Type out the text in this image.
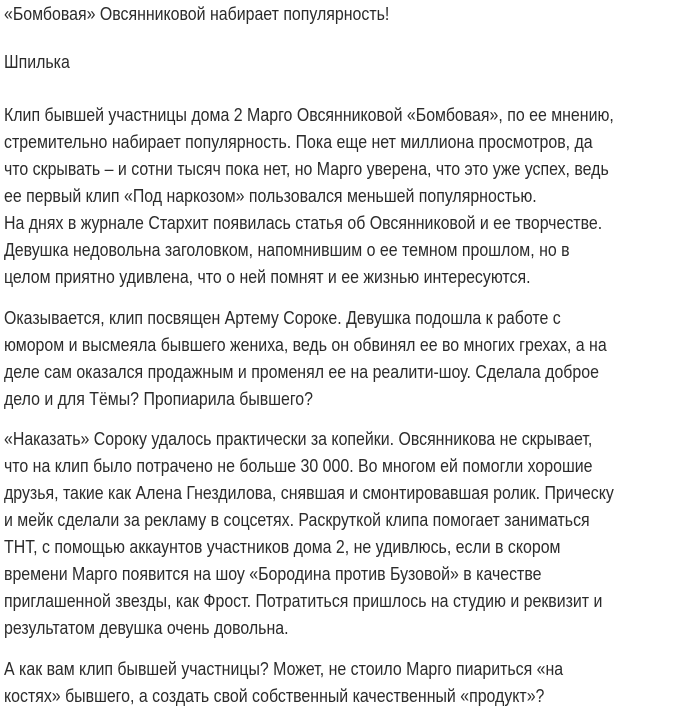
«Бомбовая» Овсянниковой набирает популярность!
Шпилька
Клип бывшей участницы дома 2 Марго Овсянниковой «Бомбовая», по ее мнению,
стремительно набирает популярность. Пока еще нет миллиона просмотров, да
что скрывать – и сотни тысяч пока нет, но Марго уверена, что это уже успех, ведь
ее первый клип «Под наркозом» пользовался меньшей популярностью.
На днях в журнале Стархит появилась статья об Овсянниковой и ее творчестве.
Девушка недовольна заголовком, напомнившим о ее темном прошлом, но в
целом приятно удивлена, что о ней помнят и ее жизнью интересуются.
Оказывается, клип посвящен Артему Сороке. Девушка подошла к работе с
юмором и высмеяла бывшего жениха, ведь он обвинял ее во многих грехах, а на
деле сам оказался продажным и променял ее на реалити-шоу. Сделала доброе
дело и для Тёмы? Пропиарила бывшего?
«Наказать» Сороку удалось практически за копейки. Овсянникова не скрывает,
что на клип было потрачено не больше 30 000. Во многом ей помогли хорошие
друзья, такие как Алена Гнездилова, снявшая и смонтировавшая ролик. Прическу
и мейк сделали за рекламу в соцсетях. Раскруткой клипа помогает заниматься
ТНТ, с помощью аккаунтов участников дома 2, не удивлюсь, если в скором
времени Марго появится на шоу «Бородина против Бузовой» в качестве
приглашенной звезды, как Фрост. Потратиться пришлось на студию и реквизит и
результатом девушка очень довольна.
А как вам клип бывшей участницы? Может, не стоило Марго пиариться «на
костях» бывшего, а создать свой собственный качественный «продукт»?
